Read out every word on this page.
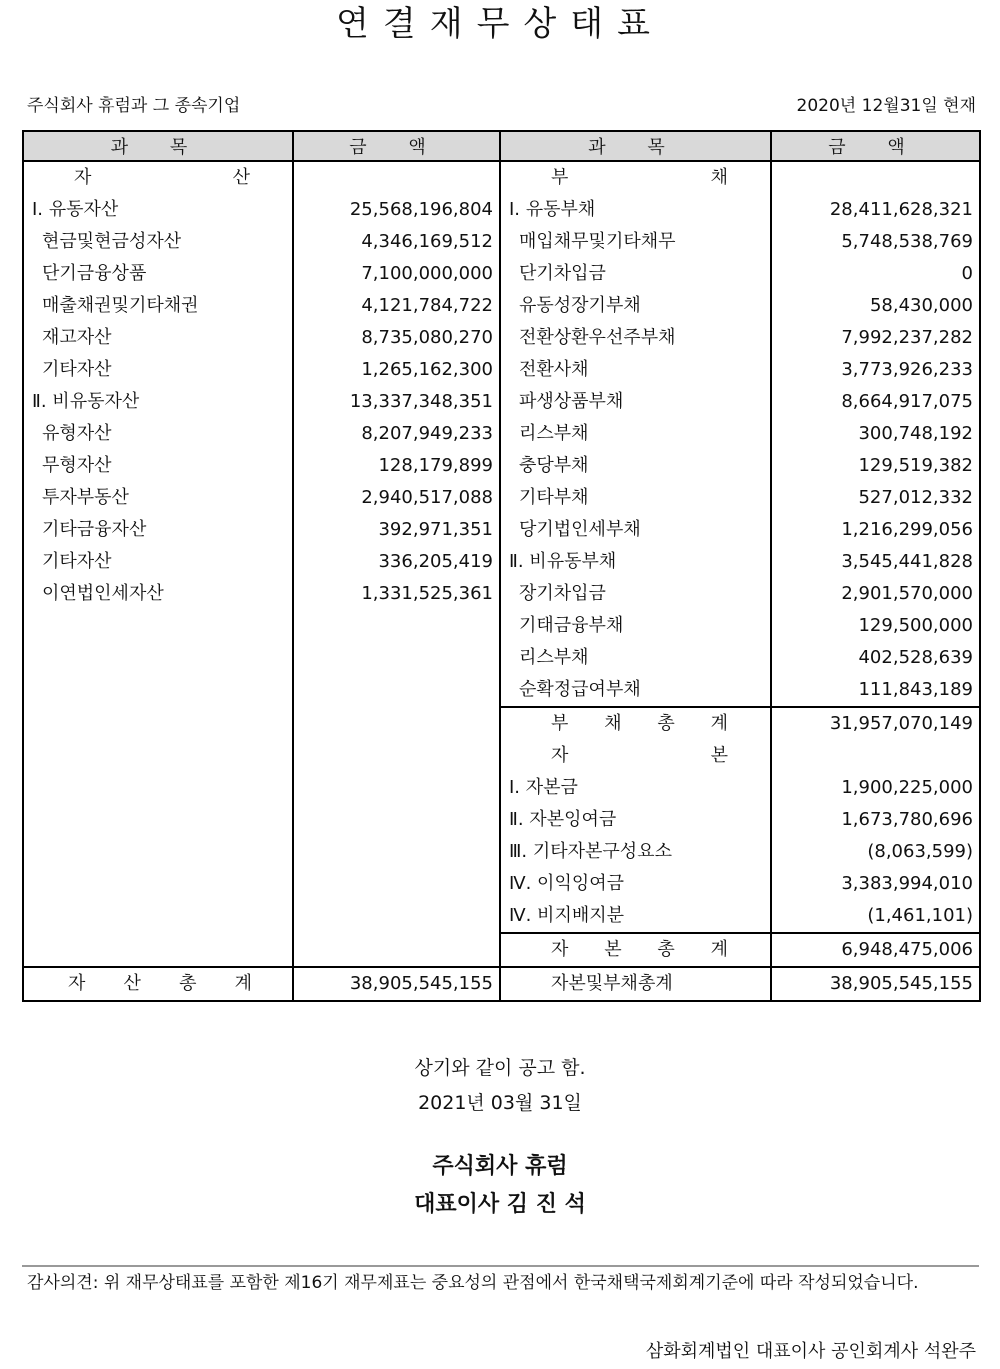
연결재무상태표
주식회사 휴럼과 그 종속기업	2020년 12월31일 현재
과 목	금 액	과 목	금 액
자 산		부 채	
Ⅰ. 유동자산	25,568,196,804	Ⅰ. 유동부채	28,411,628,321
현금및현금성자산	4,346,169,512	매입채무및기타채무	5,748,538,769
단기금융상품	7,100,000,000	단기차입금	0
매출채권및기타채권	4,121,784,722	유동성장기부채	58,430,000
재고자산	8,735,080,270	전환상환우선주부채	7,992,237,282
기타자산	1,265,162,300	전환사채	3,773,926,233
Ⅱ. 비유동자산	13,337,348,351	파생상품부채	8,664,917,075
유형자산	8,207,949,233	리스부채	300,748,192
무형자산	128,179,899	충당부채	129,519,382
투자부동산	2,940,517,088	기타부채	527,012,332
기타금융자산	392,971,351	당기법인세부채	1,216,299,056
기타자산	336,205,419	Ⅱ. 비유동부채	3,545,441,828
이연법인세자산	1,331,525,361	장기차입금	2,901,570,000
		기태금융부채	129,500,000
		리스부채	402,528,639
		순확정급여부채	111,843,189
		부 채 총 계	31,957,070,149
		자 본	
		Ⅰ. 자본금	1,900,225,000
		Ⅱ. 자본잉여금	1,673,780,696
		Ⅲ. 기타자본구성요소	(8,063,599)
		Ⅳ. 이익잉여금	3,383,994,010
		Ⅳ. 비지배지분	(1,461,101)
		자 본 총 계	6,948,475,006
자 산 총 계	38,905,545,155	자본및부채총계	38,905,545,155
상기와 같이 공고 함.
2021년 03월 31일
주식회사 휴럼
대표이사 김 진 석
감사의견: 위 재무상태표를 포함한 제16기 재무제표는 중요성의 관점에서 한국채택국제회계기준에 따라 작성되었습니다.
삼화회계법인 대표이사 공인회계사 석완주
